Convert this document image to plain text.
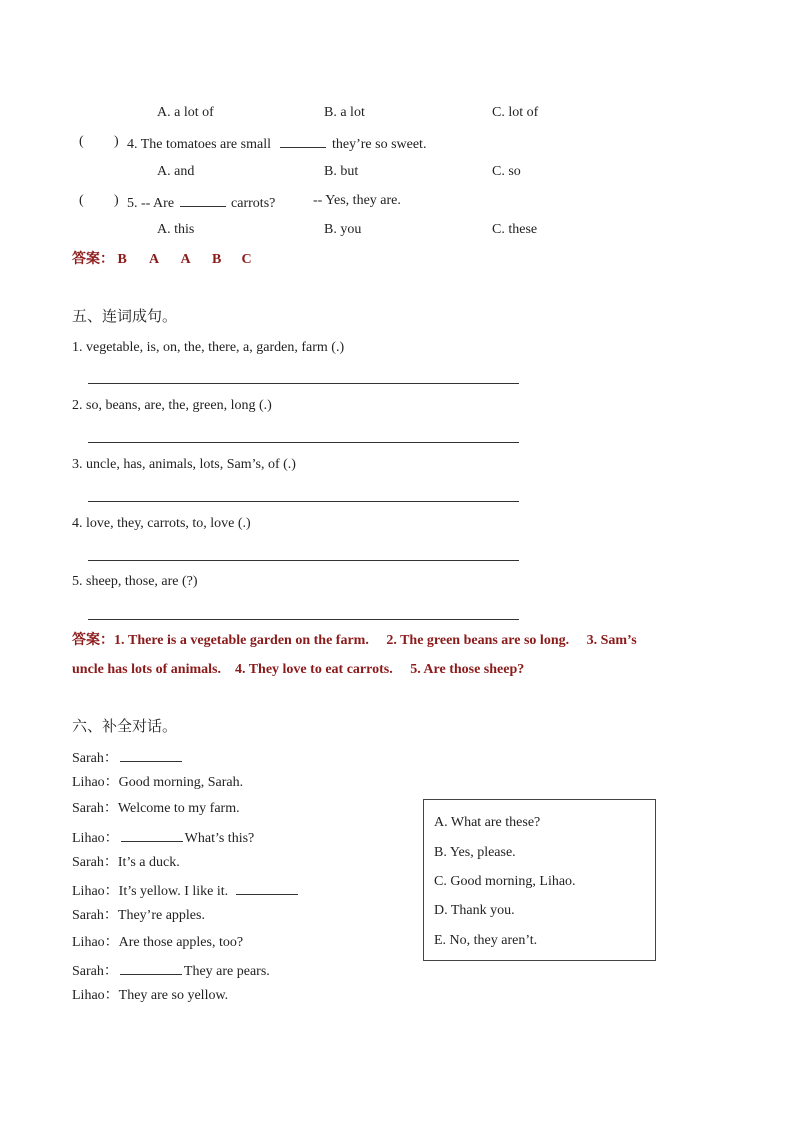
A. a lot of	B. a lot	C. lot of
( ) 4. The tomatoes are small	they’re so sweet.
A. and	B. but	C. so
( ) 5. -- Are	carrots?	-- Yes, they are.
A. this	B. you	C. these
答案： B A A B C
五、连词成句。
1. vegetable, is, on, the, there, a, garden, farm (.)
2. so, beans, are, the, green, long (.)
3. uncle, has, animals, lots, Sam’s, of (.)
4. love, they, carrots, to, love (.)
5. sheep, those, are (?)
答案：1. There is a vegetable garden on the farm.     2. The green beans are so long.     3. Sam’s
uncle has lots of animals.    4. They love to eat carrots.     5. Are those sheep?
六、补全对话。
Sarah：
Lihao：Good morning, Sarah.
Sarah：Welcome to my farm.
Lihao：	What’s this?
Sarah：It’s a duck.
Lihao：It’s yellow. I like it.
Sarah：They’re apples.
Lihao：Are those apples, too?
Sarah：	They are pears.
Lihao：They are so yellow.
A. What are these?
B. Yes, please.
C. Good morning, Lihao.
D. Thank you.
E. No, they aren’t.
